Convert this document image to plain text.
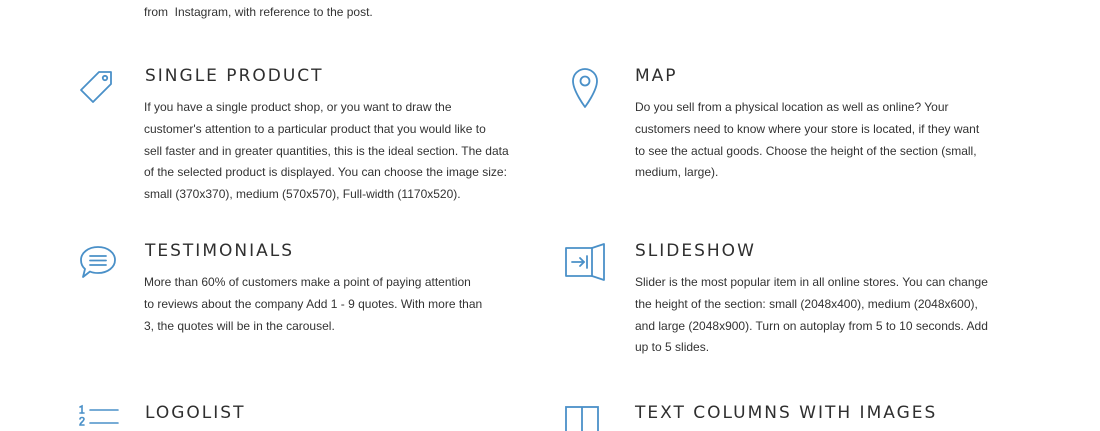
from  Instagram, with reference to the post.
SINGLE PRODUCT

If you have a single product shop, or you want to draw the
customer's attention to a particular product that you would like to
sell faster and in greater quantities, this is the ideal section. The data
of the selected product is displayed. You can choose the image size:
small (370x370), medium (570x570), Full-width (1170x520).

MAP

Do you sell from a physical location as well as online? Your
customers need to know where your store is located, if they want
to see the actual goods. Choose the height of the section (small,
medium, large).

TESTIMONIALS

More than 60% of customers make a point of paying attention
to reviews about the company Add 1 - 9 quotes. With more than
3, the quotes will be in the carousel.

SLIDESHOW

Slider is the most popular item in all online stores. You can change
the height of the section: small (2048x400), medium (2048x600),
and large (2048x900). Turn on autoplay from 5 to 10 seconds. Add
up to 5 slides.

LOGOLIST	TEXT COLUMNS WITH IMAGES
